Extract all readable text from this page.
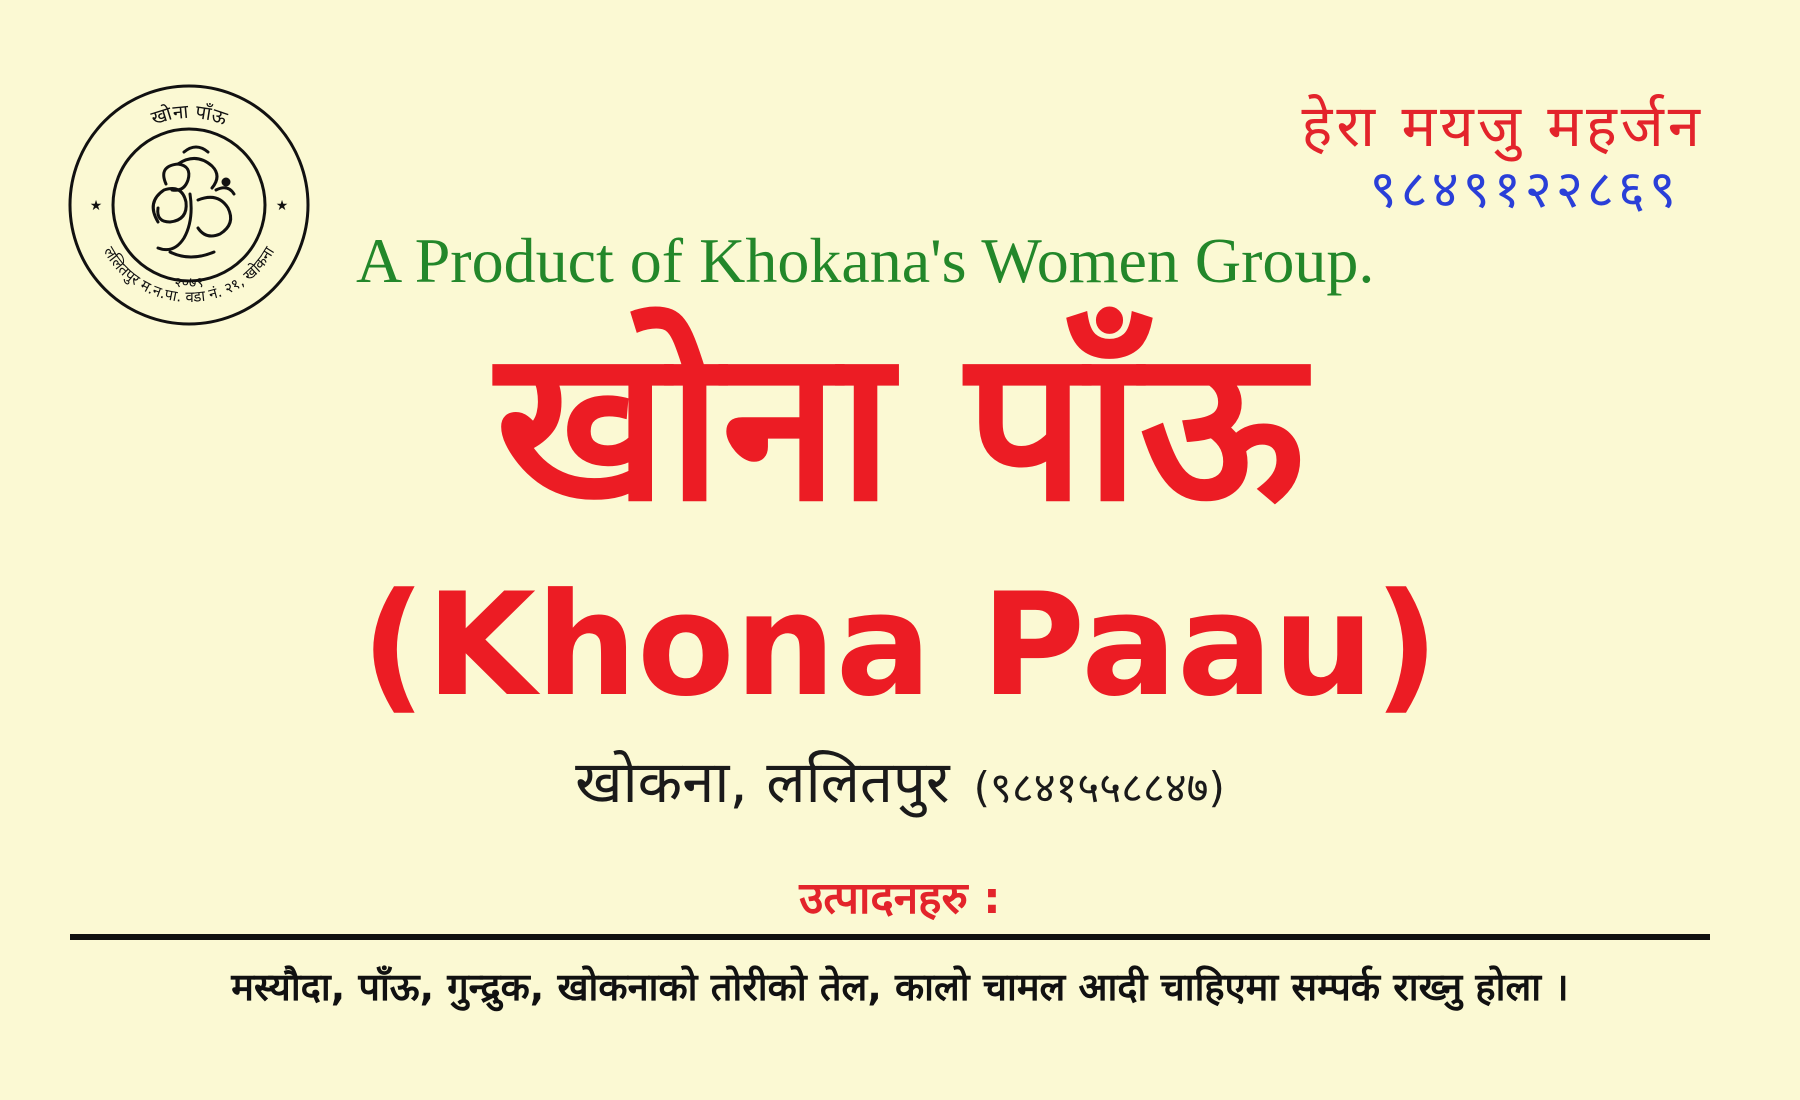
खोना पाँऊ
ललितपुर म.न.पा. वडा नं. २१, खोकना
★	★
२०७९
हेरा मयजु महर्जन
९८४९१२२८६९
A Product of Khokana's Women Group.
खोना पाँऊ
(Khona Paau)
खोकना, ललितपुर (९८४१५५८८४७)
उत्पादनहरु :
मस्यौदा, पाँऊ, गुन्द्रुक, खोकनाको तोरीको तेल, कालो चामल आदी चाहिएमा सम्पर्क राख्नु होला ।
